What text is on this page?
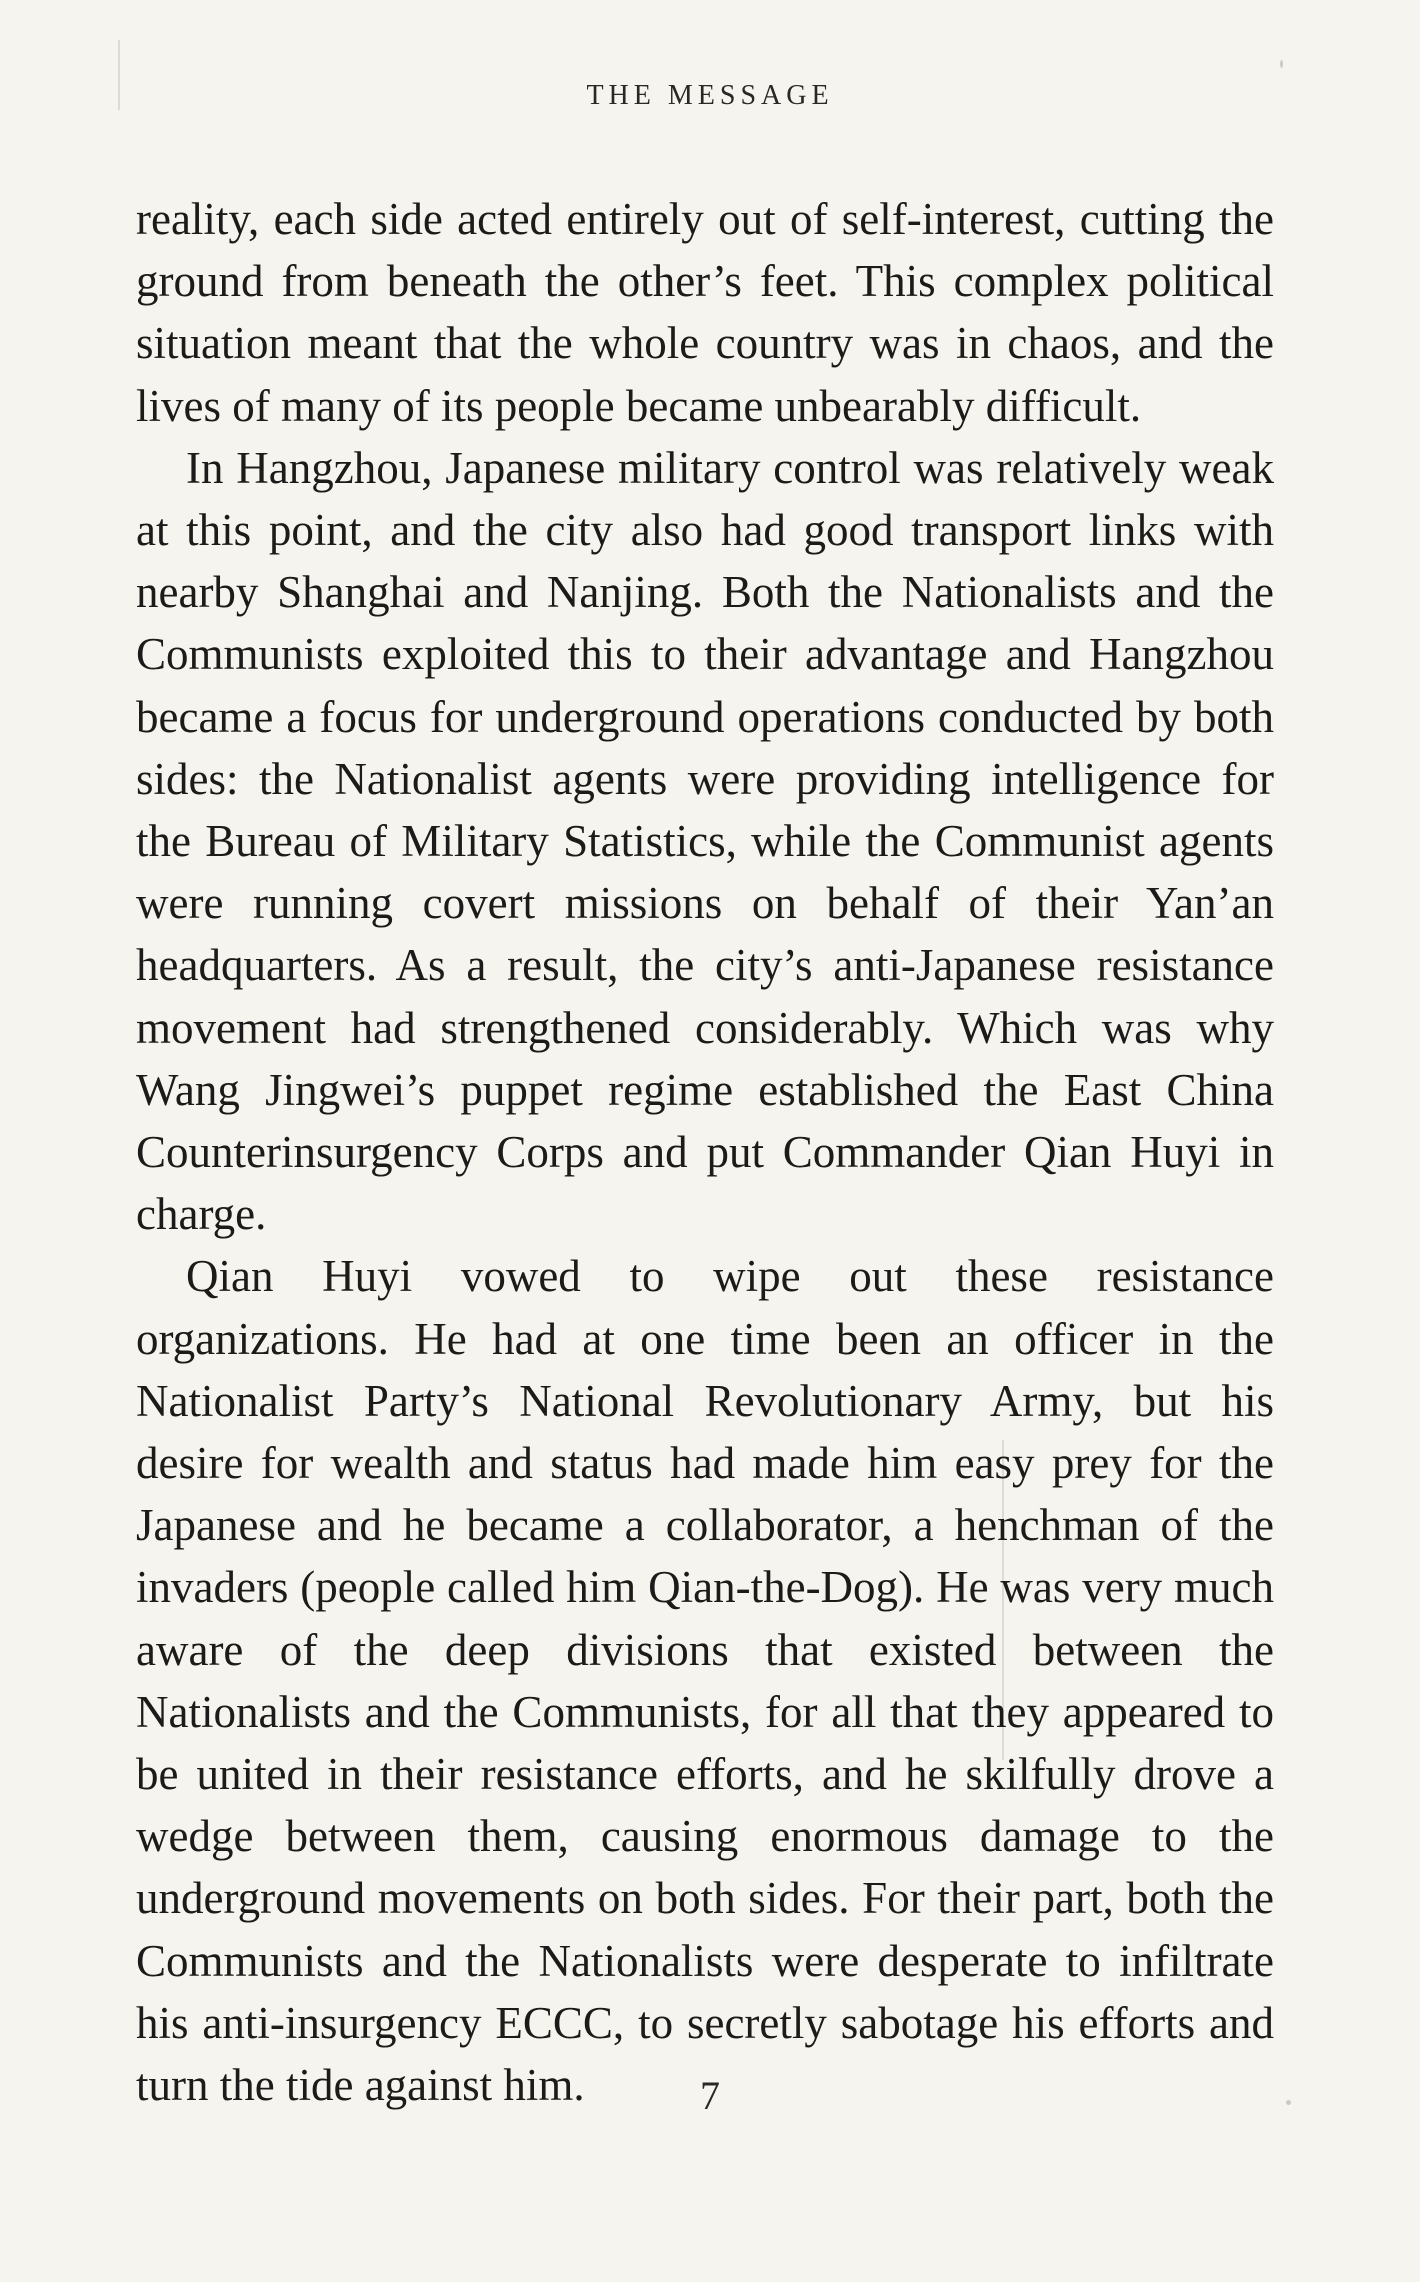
THE MESSAGE

reality, each side acted entirely out of self-interest, cutting the ground from beneath the other’s feet. This complex political situation meant that the whole country was in chaos, and the lives of many of its people became unbearably difficult.

In Hangzhou, Japanese military control was relatively weak at this point, and the city also had good transport links with nearby Shanghai and Nanjing. Both the Nationalists and the Communists exploited this to their advantage and Hangzhou became a focus for underground operations conducted by both sides: the Nationalist agents were providing intelligence for the Bureau of Military Statistics, while the Communist agents were running covert missions on behalf of their Yan’an headquarters. As a result, the city’s anti-Japanese resistance movement had strengthened considerably. Which was why Wang Jingwei’s puppet regime established the East China Counterinsurgency Corps and put Commander Qian Huyi in charge.

Qian Huyi vowed to wipe out these resistance organizations. He had at one time been an officer in the Nationalist Party’s National Revolutionary Army, but his desire for wealth and status had made him easy prey for the Japanese and he became a collaborator, a henchman of the invaders (people called him Qian-the-Dog). He was very much aware of the deep divisions that existed between the Nationalists and the Communists, for all that they appeared to be united in their resistance efforts, and he skilfully drove a wedge between them, causing enormous damage to the underground movements on both sides. For their part, both the Communists and the Nationalists were desperate to infiltrate his anti-insurgency ECCC, to secretly sabotage his efforts and turn the tide against him.	7
